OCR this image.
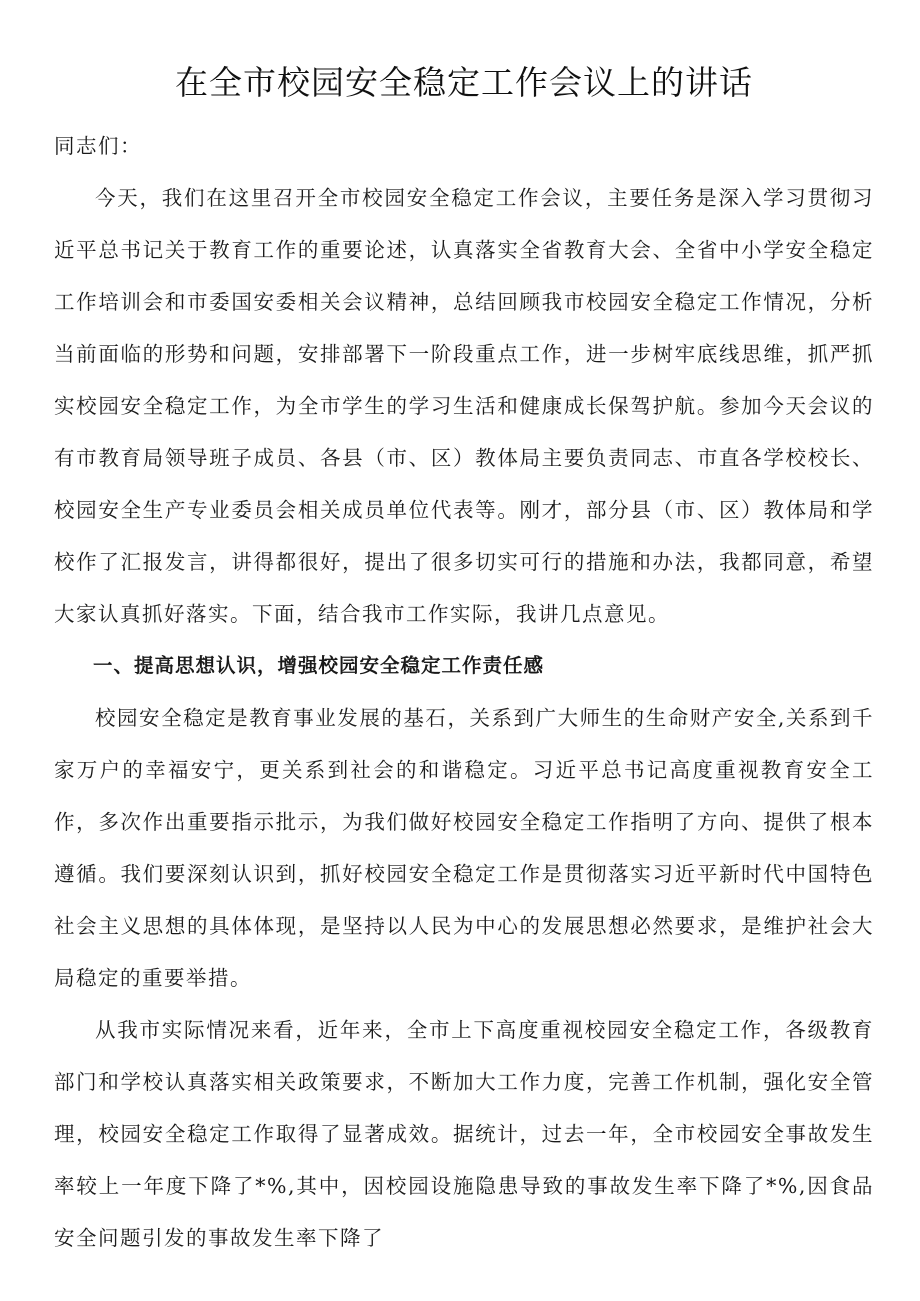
在全市校园安全稳定工作会议上的讲话

同志们：

今天，我们在这里召开全市校园安全稳定工作会议，主要任务是深入学习贯彻习近平总书记关于教育工作的重要论述，认真落实全省教育大会、全省中小学安全稳定工作培训会和市委国安委相关会议精神，总结回顾我市校园安全稳定工作情况，分析当前面临的形势和问题，安排部署下一阶段重点工作，进一步树牢底线思维，抓严抓实校园安全稳定工作，为全市学生的学习生活和健康成长保驾护航。参加今天会议的有市教育局领导班子成员、各县（市、区）教体局主要负责同志、市直各学校校长、校园安全生产专业委员会相关成员单位代表等。刚才，部分县（市、区）教体局和学校作了汇报发言，讲得都很好，提出了很多切实可行的措施和办法，我都同意，希望大家认真抓好落实。下面，结合我市工作实际，我讲几点意见。

一、提高思想认识，增强校园安全稳定工作责任感

校园安全稳定是教育事业发展的基石，关系到广大师生的生命财产安全,关系到千家万户的幸福安宁，更关系到社会的和谐稳定。习近平总书记高度重视教育安全工作，多次作出重要指示批示，为我们做好校园安全稳定工作指明了方向、提供了根本遵循。我们要深刻认识到，抓好校园安全稳定工作是贯彻落实习近平新时代中国特色社会主义思想的具体体现，是坚持以人民为中心的发展思想必然要求，是维护社会大局稳定的重要举措。

从我市实际情况来看，近年来，全市上下高度重视校园安全稳定工作，各级教育部门和学校认真落实相关政策要求，不断加大工作力度，完善工作机制，强化安全管理，校园安全稳定工作取得了显著成效。据统计，过去一年，全市校园安全事故发生率较上一年度下降了*%,其中，因校园设施隐患导致的事故发生率下降了*%,因食品安全问题引发的事故发生率下降了
